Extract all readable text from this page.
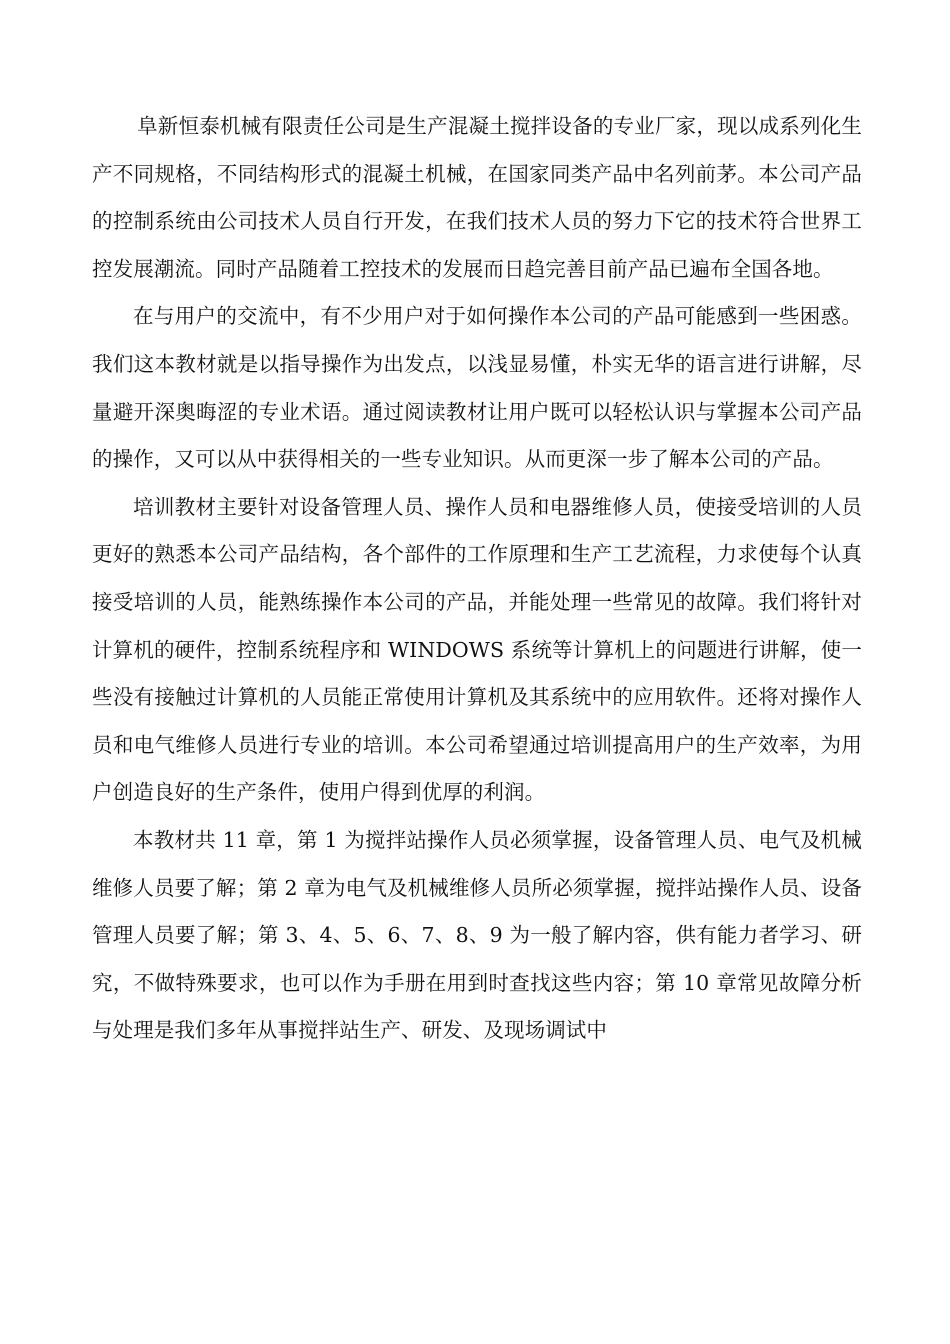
阜新恒泰机械有限责任公司是生产混凝土搅拌设备的专业厂家，现以成系列化生产不同规格，不同结构形式的混凝土机械，在国家同类产品中名列前茅。本公司产品的控制系统由公司技术人员自行开发，在我们技术人员的努力下它的技术符合世界工控发展潮流。同时产品随着工控技术的发展而日趋完善目前产品已遍布全国各地。

在与用户的交流中，有不少用户对于如何操作本公司的产品可能感到一些困惑。我们这本教材就是以指导操作为出发点，以浅显易懂，朴实无华的语言进行讲解，尽量避开深奥晦涩的专业术语。通过阅读教材让用户既可以轻松认识与掌握本公司产品的操作，又可以从中获得相关的一些专业知识。从而更深一步了解本公司的产品。

培训教材主要针对设备管理人员、操作人员和电器维修人员，使接受培训的人员更好的熟悉本公司产品结构，各个部件的工作原理和生产工艺流程，力求使每个认真接受培训的人员，能熟练操作本公司的产品，并能处理一些常见的故障。我们将针对计算机的硬件，控制系统程序和 WINDOWS 系统等计算机上的问题进行讲解，使一些没有接触过计算机的人员能正常使用计算机及其系统中的应用软件。还将对操作人员和电气维修人员进行专业的培训。本公司希望通过培训提高用户的生产效率，为用户创造良好的生产条件，使用户得到优厚的利润。

本教材共 11 章，第 1 为搅拌站操作人员必须掌握，设备管理人员、电气及机械维修人员要了解；第 2 章为电气及机械维修人员所必须掌握，搅拌站操作人员、设备管理人员要了解；第 3、4、5、6、7、8、9 为一般了解内容，供有能力者学习、研究，不做特殊要求，也可以作为手册在用到时查找这些内容；第 10 章常见故障分析与处理是我们多年从事搅拌站生产、研发、及现场调试中
